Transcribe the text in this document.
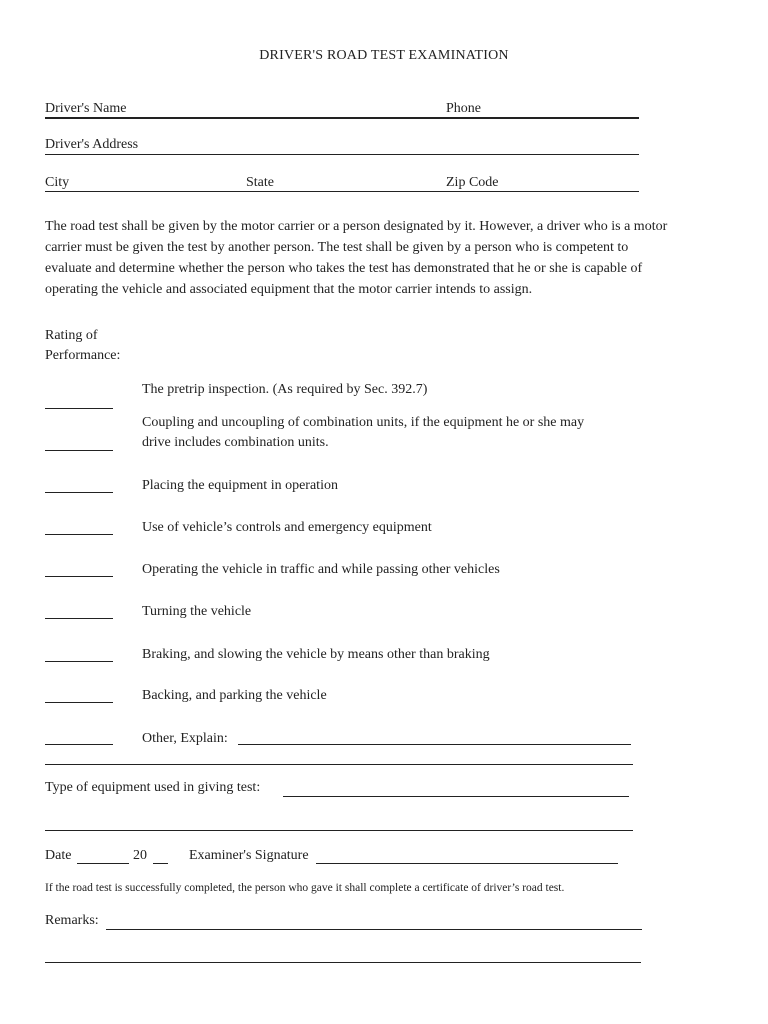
DRIVER'S ROAD TEST EXAMINATION
Driver's Name	Phone
Driver's Address
City	State	Zip Code
The road test shall be given by the motor carrier or a person designated by it. However, a driver who is a motor
carrier must be given the test by another person. The test shall be given by a person who is competent to
evaluate and determine whether the person who takes the test has demonstrated that he or she is capable of
operating the vehicle and associated equipment that the motor carrier intends to assign.
Rating of
Performance:
The pretrip inspection. (As required by Sec. 392.7)
Coupling and uncoupling of combination units, if the equipment he or she may
drive includes combination units.
Placing the equipment in operation
Use of vehicle’s controls and emergency equipment
Operating the vehicle in traffic and while passing other vehicles
Turning the vehicle
Braking, and slowing the vehicle by means other than braking
Backing, and parking the vehicle
Other, Explain:
Type of equipment used in giving test:
Date	20	Examiner's Signature
If the road test is successfully completed, the person who gave it shall complete a certificate of driver’s road test.
Remarks:
